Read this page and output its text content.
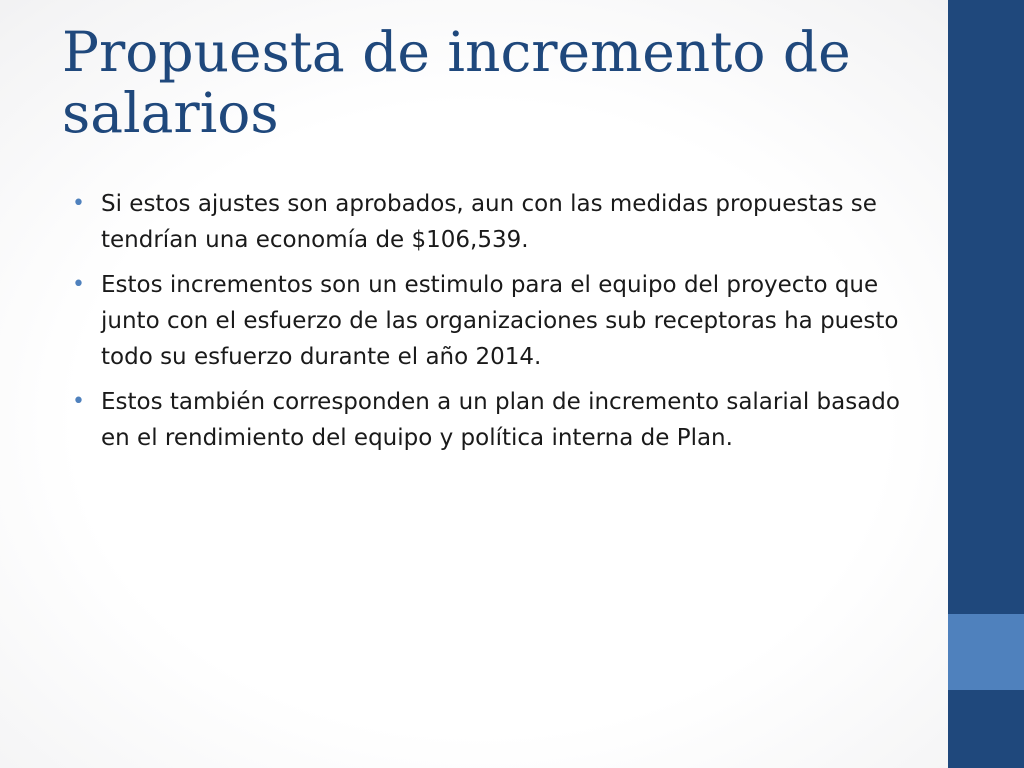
Propuesta de incremento de salarios
• Si estos ajustes son aprobados, aun con las medidas propuestas se tendrían una economía de $106,539.
• Estos incrementos son un estimulo para el equipo del proyecto que junto con el esfuerzo de las organizaciones sub receptoras ha puesto todo su esfuerzo durante el año 2014.
• Estos también corresponden a un plan de incremento salarial basado en el rendimiento del equipo y política interna de Plan.
